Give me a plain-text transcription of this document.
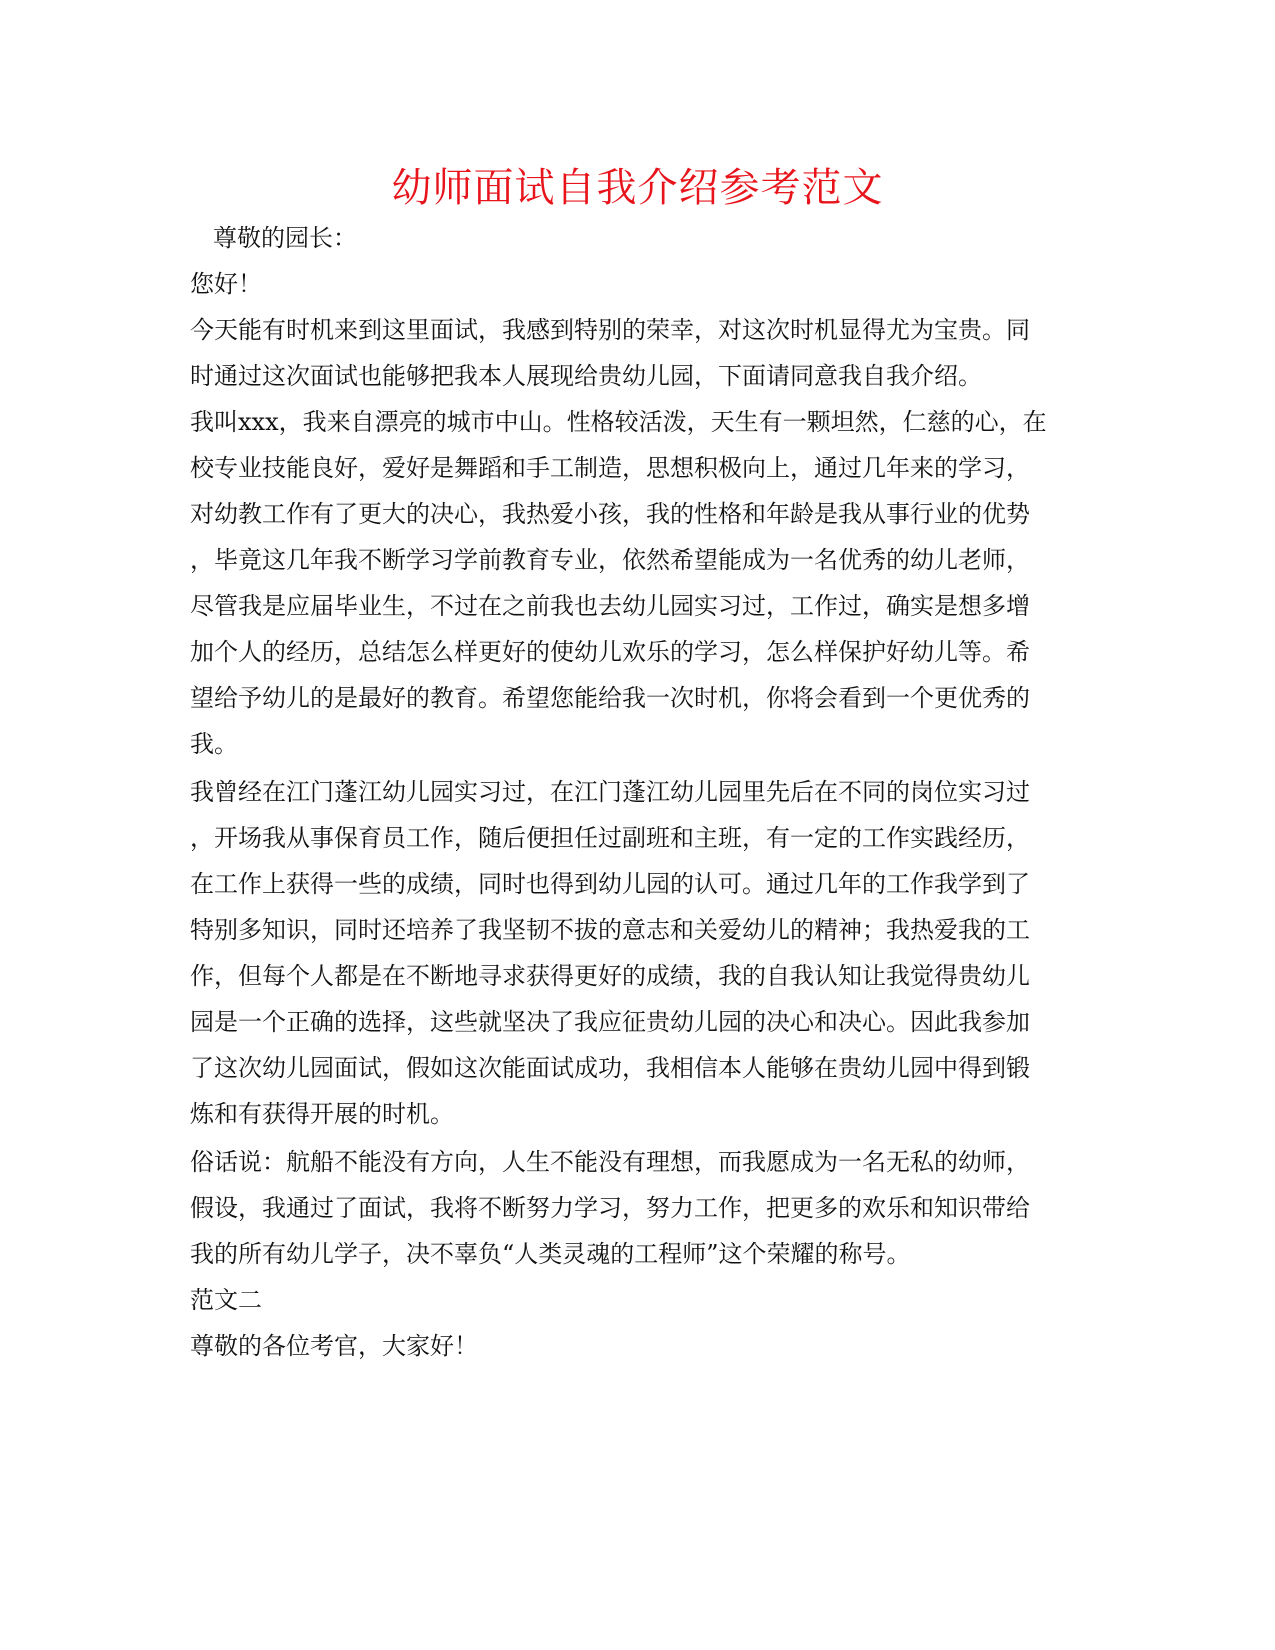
幼师面试自我介绍参考范文
尊敬的园长：
您好！
今天能有时机来到这里面试，我感到特别的荣幸，对这次时机显得尤为宝贵。同
时通过这次面试也能够把我本人展现给贵幼儿园，下面请同意我自我介绍。
我叫xxx，我来自漂亮的城市中山。性格较活泼，天生有一颗坦然，仁慈的心，在
校专业技能良好，爱好是舞蹈和手工制造，思想积极向上，通过几年来的学习，
对幼教工作有了更大的决心，我热爱小孩，我的性格和年龄是我从事行业的优势
，毕竟这几年我不断学习学前教育专业，依然希望能成为一名优秀的幼儿老师，
尽管我是应届毕业生，不过在之前我也去幼儿园实习过，工作过，确实是想多增
加个人的经历，总结怎么样更好的使幼儿欢乐的学习，怎么样保护好幼儿等。希
望给予幼儿的是最好的教育。希望您能给我一次时机，你将会看到一个更优秀的
我。
我曾经在江门蓬江幼儿园实习过，在江门蓬江幼儿园里先后在不同的岗位实习过
，开场我从事保育员工作，随后便担任过副班和主班，有一定的工作实践经历，
在工作上获得一些的成绩，同时也得到幼儿园的认可。通过几年的工作我学到了
特别多知识，同时还培养了我坚韧不拔的意志和关爱幼儿的精神；我热爱我的工
作，但每个人都是在不断地寻求获得更好的成绩，我的自我认知让我觉得贵幼儿
园是一个正确的选择，这些就坚决了我应征贵幼儿园的决心和决心。因此我参加
了这次幼儿园面试，假如这次能面试成功，我相信本人能够在贵幼儿园中得到锻
炼和有获得开展的时机。
俗话说：航船不能没有方向，人生不能没有理想，而我愿成为一名无私的幼师，
假设，我通过了面试，我将不断努力学习，努力工作，把更多的欢乐和知识带给
我的所有幼儿学子，决不辜负“人类灵魂的工程师”这个荣耀的称号。
范文二
尊敬的各位考官，大家好！
